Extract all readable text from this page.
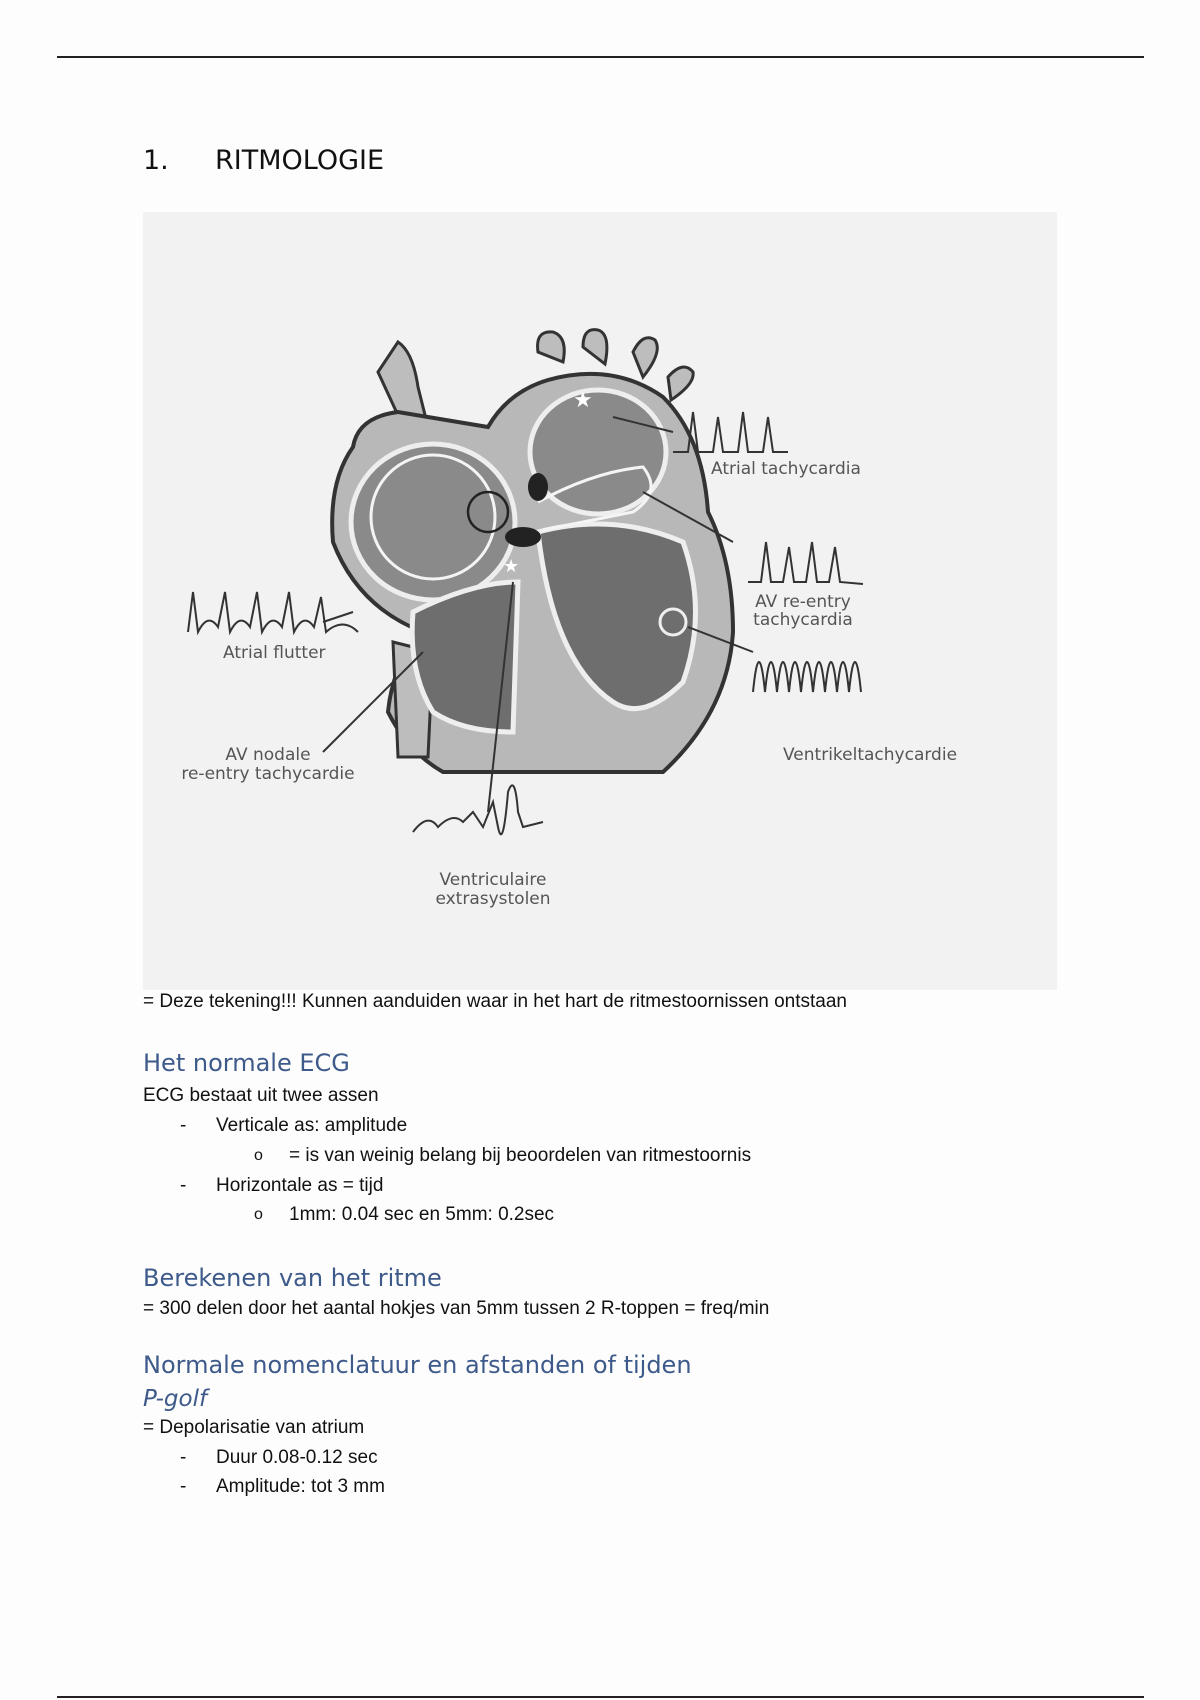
1. RITMOLOGIE
★
★
Atrial tachycardia
AV re-entry
tachycardia
Atrial flutter
Ventrikeltachycardie
AV nodale
re-entry tachycardie
Ventriculaire
extrasystolen
= Deze tekening!!! Kunnen aanduiden waar in het hart de ritmestoornissen ontstaan
Het normale ECG
ECG bestaat uit twee assen
- Verticale as: amplitude
o = is van weinig belang bij beoordelen van ritmestoornis
- Horizontale as = tijd
o 1mm: 0.04 sec en 5mm: 0.2sec
Berekenen van het ritme
= 300 delen door het aantal hokjes van 5mm tussen 2 R-toppen = freq/min
Normale nomenclatuur en afstanden of tijden
P-golf
= Depolarisatie van atrium
- Duur 0.08-0.12 sec
- Amplitude: tot 3 mm
